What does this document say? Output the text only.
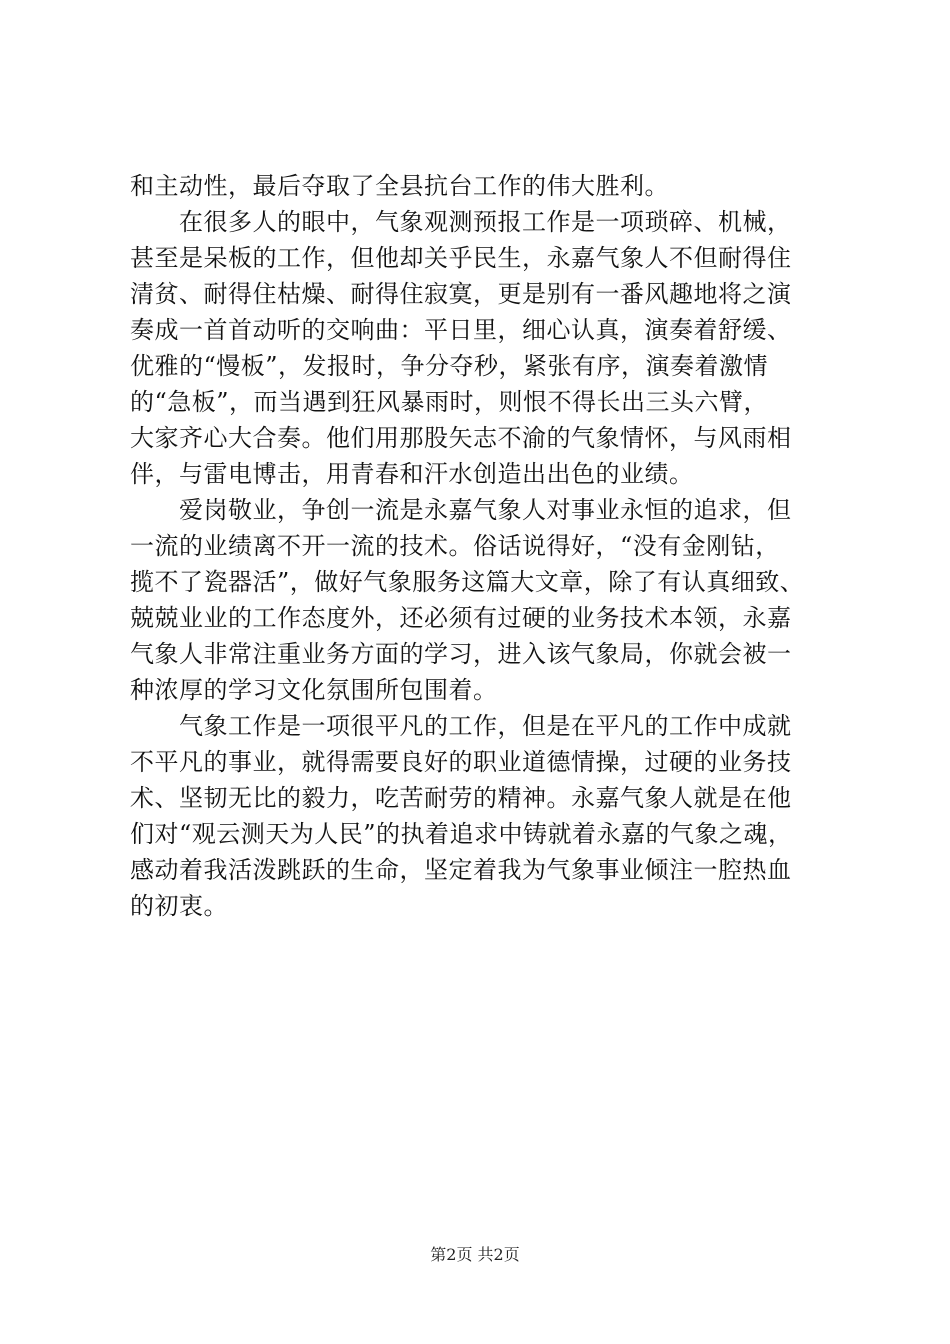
和主动性，最后夺取了全县抗台工作的伟大胜利。
　　在很多人的眼中，气象观测预报工作是一项琐碎、机械，
甚至是呆板的工作，但他却关乎民生，永嘉气象人不但耐得住
清贫、耐得住枯燥、耐得住寂寞，更是别有一番风趣地将之演
奏成一首首动听的交响曲：平日里，细心认真，演奏着舒缓、
优雅的“慢板”，发报时，争分夺秒，紧张有序，演奏着激情
的“急板”，而当遇到狂风暴雨时，则恨不得长出三头六臂，
大家齐心大合奏。他们用那股矢志不渝的气象情怀，与风雨相
伴，与雷电博击，用青春和汗水创造出出色的业绩。
　　爱岗敬业，争创一流是永嘉气象人对事业永恒的追求，但
一流的业绩离不开一流的技术。俗话说得好，“没有金刚钻，
揽不了瓷器活”，做好气象服务这篇大文章，除了有认真细致、
兢兢业业的工作态度外，还必须有过硬的业务技术本领，永嘉
气象人非常注重业务方面的学习，进入该气象局，你就会被一
种浓厚的学习文化氛围所包围着。
　　气象工作是一项很平凡的工作，但是在平凡的工作中成就
不平凡的事业，就得需要良好的职业道德情操，过硬的业务技
术、坚韧无比的毅力，吃苦耐劳的精神。永嘉气象人就是在他
们对“观云测天为人民”的执着追求中铸就着永嘉的气象之魂，
感动着我活泼跳跃的生命，坚定着我为气象事业倾注一腔热血
的初衷。
第2页 共2页
